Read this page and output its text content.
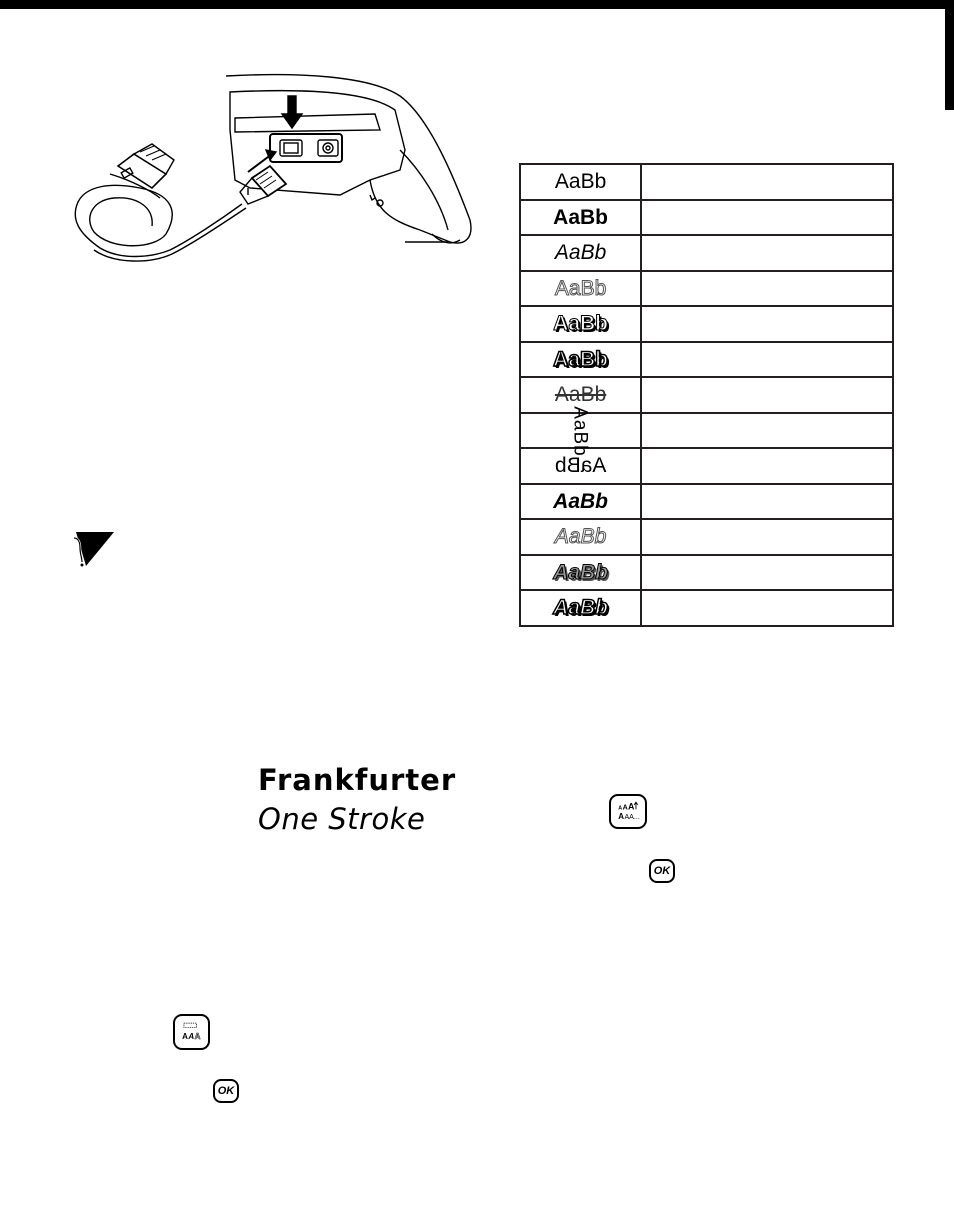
AaBb	
AaBb	
AaBb	
AaBb	
AaBb	
AaBb	
AaBb	
AaBb	
AaBb	
AaBb	
AaBb	
AaBb	
AaBb	
Frankfurter
One Stroke	A A A
A AA...
OK
OK
A A A
